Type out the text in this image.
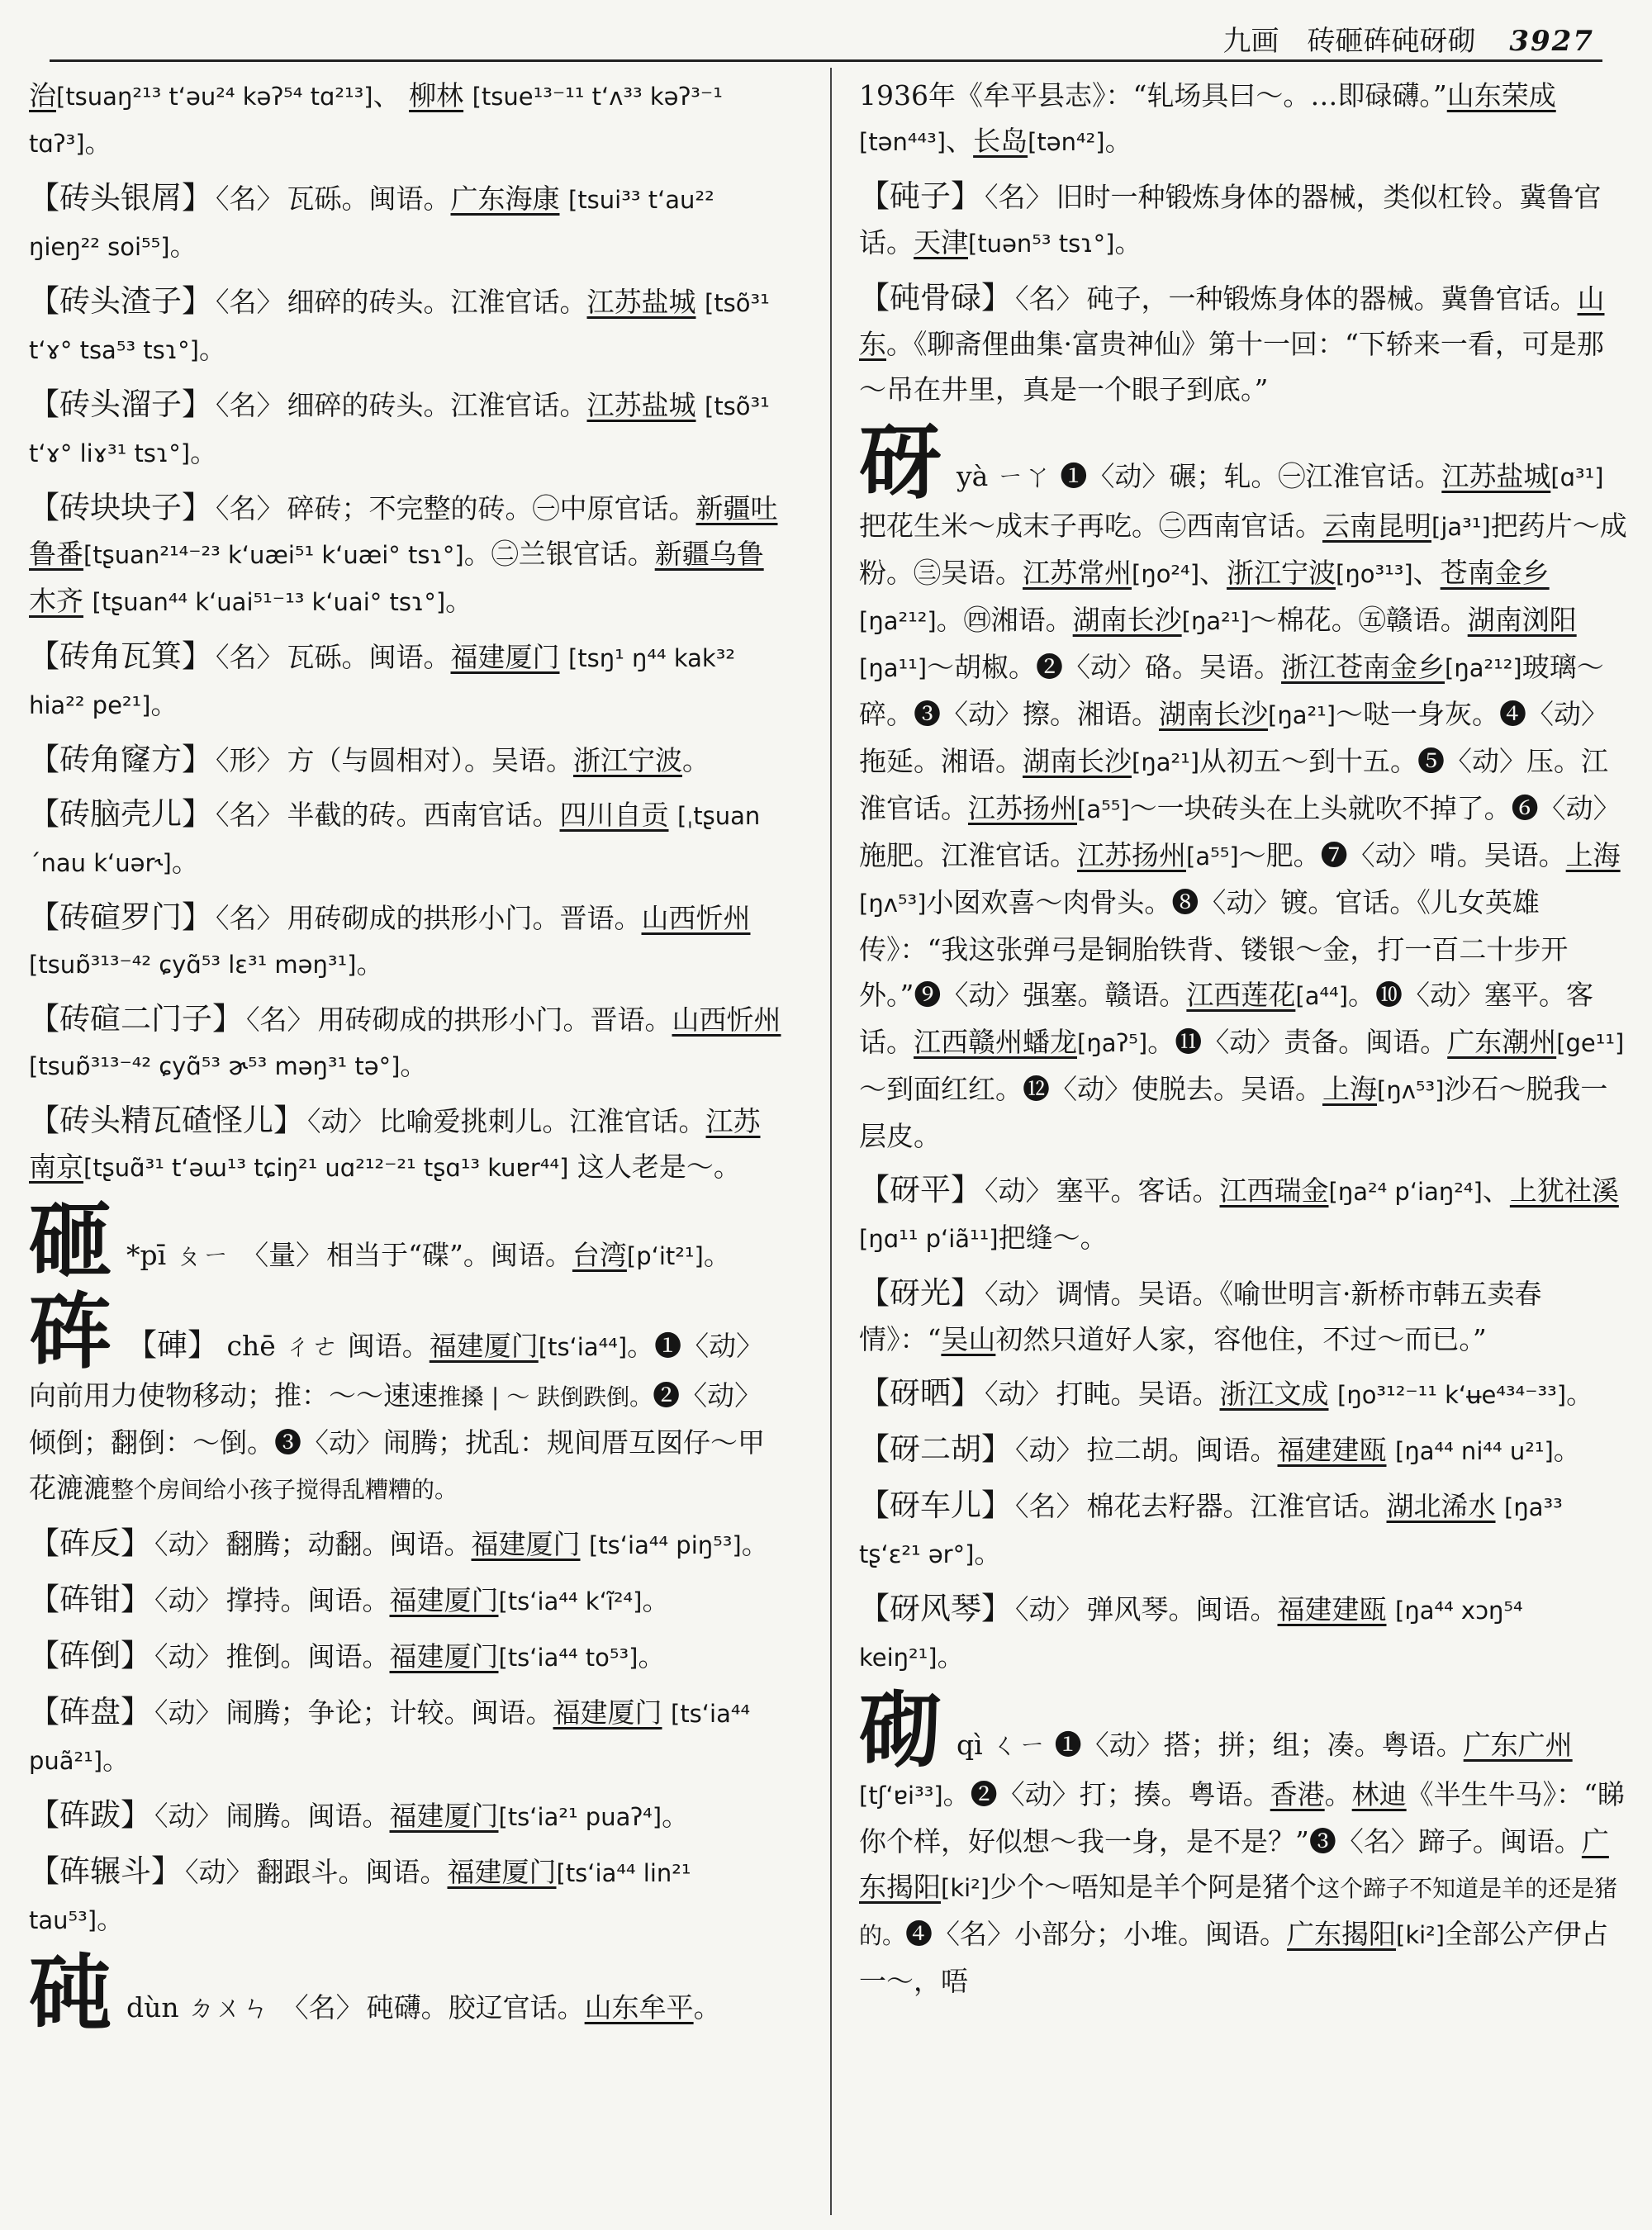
九画　砖砸砗砘砑砌 3927
治[tsuaŋ²¹³ t‘əu²⁴ kəʔ⁵⁴ tɑ²¹³]、 柳林 [tsue¹³⁻¹¹ t‘ʌ³³ kəʔ³⁻¹ tɑʔ³]。
【砖头银屑】 〈名〉 瓦砾。闽语。广东海康 [tsui³³ t‘au²² ŋieŋ²² soi⁵⁵]。
【砖头渣子】 〈名〉 细碎的砖头。江淮官话。江苏盐城 [tsõ³¹ t‘ɤ° tsa⁵³ tsɿ°]。
【砖头溜子】 〈名〉 细碎的砖头。江淮官话。江苏盐城 [tsõ³¹ t‘ɤ° liɤ³¹ tsɿ°]。
【砖块块子】 〈名〉 碎砖；不完整的砖。㊀中原官话。新疆吐鲁番[tʂuan²¹⁴⁻²³ k‘uæi⁵¹ k‘uæi° tsɿ°]。㊁兰银官话。新疆乌鲁木齐 [tʂuan⁴⁴ k‘uai⁵¹⁻¹³ k‘uai° tsɿ°]。
【砖角瓦箕】 〈名〉 瓦砾。闽语。福建厦门 [tsŋ¹ ŋ⁴⁴ kak³² hia²² pe²¹]。
【砖角窿方】 〈形〉 方（与圆相对）。吴语。浙江宁波。
【砖脑壳儿】 〈名〉 半截的砖。西南官话。四川自贡 [ˌtʂuan ˊnau k‘uər˞]。
【砖碹罗门】 〈名〉 用砖砌成的拱形小门。晋语。山西忻州[tsuɒ̃³¹³⁻⁴² ɕyɑ̃⁵³ lɛ³¹ məŋ³¹]。
【砖碹二门子】 〈名〉 用砖砌成的拱形小门。晋语。山西忻州[tsuɒ̃³¹³⁻⁴² ɕyɑ̃⁵³ ɚ⁵³ məŋ³¹ tə°]。
【砖头精瓦碴怪儿】 〈动〉 比喻爱挑刺儿。江淮官话。江苏南京[tʂuɑ̃³¹ t‘əɯ¹³ tɕiŋ²¹ uɑ²¹²⁻²¹ tʂɑ¹³ kuɐr⁴⁴] 这人老是～。
砸 *pī ㄆㄧ 〈量〉 相当于“碟”。闽语。台湾[p‘it²¹]。
砗 【硨】 chē ㄔㄜ 闽语。福建厦门[ts‘ia⁴⁴]。❶〈动〉向前用力使物移动；推：～～速速推搡 | ～ 趺倒跌倒。❷〈动〉倾倒；翻倒：～倒。❸〈动〉闹腾；扰乱：规间厝互囡仔～甲花漉漉整个房间给小孩子搅得乱糟糟的。
【砗反】 〈动〉 翻腾；动翻。闽语。福建厦门 [ts‘ia⁴⁴ piŋ⁵³]。
【砗钳】 〈动〉 撑持。闽语。福建厦门[ts‘ia⁴⁴ k‘ĩ²⁴]。
【砗倒】 〈动〉 推倒。闽语。福建厦门[ts‘ia⁴⁴ to⁵³]。
【砗盘】 〈动〉 闹腾；争论；计较。闽语。福建厦门 [ts‘ia⁴⁴ puã²¹]。
【砗跋】 〈动〉 闹腾。闽语。福建厦门[ts‘ia²¹ puaʔ⁴]。
【砗辗斗】 〈动〉 翻跟斗。闽语。福建厦门[ts‘ia⁴⁴ lin²¹ tau⁵³]。
砘dùn ㄉㄨㄣ 〈名〉 砘礴。胶辽官话。山东牟平。
1936年《牟平县志》：“轧场具曰～。…即碌礴。”山东荣成[tən⁴⁴³]、长岛[tən⁴²]。
【砘子】 〈名〉 旧时一种锻炼身体的器械，类似杠铃。冀鲁官话。天津[tuən⁵³ tsɿ°]。
【砘骨碌】 〈名〉 砘子，一种锻炼身体的器械。冀鲁官话。山东。《聊斋俚曲集·富贵神仙》第十一回：“下轿来一看，可是那～吊在井里，真是一个眼子到底。”
砑yà ㄧㄚ ❶〈动〉碾；轧。㊀江淮官话。江苏盐城[ɑ³¹]把花生米～成末子再吃。㊁西南官话。云南昆明[ja³¹]把药片～成粉。㊂吴语。江苏常州[ŋo²⁴]、浙江宁波[ŋo³¹³]、苍南金乡[ŋa²¹²]。㊃湘语。湖南长沙[ŋa²¹]～棉花。㊄赣语。湖南浏阳[ŋa¹¹]～胡椒。❷〈动〉硌。吴语。浙江苍南金乡[ŋa²¹²]玻璃～碎。❸〈动〉擦。湘语。湖南长沙[ŋa²¹]～哒一身灰。❹〈动〉拖延。湘语。湖南长沙[ŋa²¹]从初五～到十五。❺〈动〉压。江淮官话。江苏扬州[a⁵⁵]～一块砖头在上头就吹不掉了。❻〈动〉施肥。江淮官话。江苏扬州[a⁵⁵]～肥。❼〈动〉啃。吴语。上海[ŋʌ⁵³]小囡欢喜～肉骨头。❽〈动〉镀。官话。《儿女英雄传》：“我这张弹弓是铜胎铁背、镂银～金，打一百二十步开外。”❾〈动〉强塞。赣语。江西莲花[a⁴⁴]。❿〈动〉塞平。客话。江西赣州蟠龙[ŋaʔ⁵]。⓫〈动〉责备。闽语。广东潮州[ge¹¹]～到面红红。⓬〈动〉使脱去。吴语。上海[ŋʌ⁵³]沙石～脱我一层皮。
【砑平】 〈动〉 塞平。客话。江西瑞金[ŋa²⁴ p‘iaŋ²⁴]、上犹社溪[ŋɑ¹¹ p‘iã¹¹]把缝～。
【砑光】 〈动〉 调情。吴语。《喻世明言·新桥市韩五卖春情》：“吴山初然只道好人家，容他住，不过～而已。”
【砑晒】 〈动〉 打盹。吴语。浙江文成 [ŋo³¹²⁻¹¹ k‘ʉe⁴³⁴⁻³³]。
【砑二胡】 〈动〉 拉二胡。闽语。福建建瓯 [ŋa⁴⁴ ni⁴⁴ u²¹]。
【砑车儿】 〈名〉 棉花去籽器。江淮官话。湖北浠水 [ŋa³³ tʂ‘ɛ²¹ ər°]。
【砑风琴】 〈动〉 弹风琴。闽语。福建建瓯 [ŋa⁴⁴ xɔŋ⁵⁴ keiŋ²¹]。
砌qì ㄑㄧ ❶〈动〉搭；拼；组；凑。粤语。广东广州[tʃ‘ɐi³³]。❷〈动〉打；揍。粤语。香港。林迪《半生牛马》：“睇你个样，好似想～我一身，是不是？”❸〈名〉蹄子。闽语。广东揭阳[ki²]少个～唔知是羊个阿是猪个这个蹄子不知道是羊的还是猪的。❹〈名〉小部分；小堆。闽语。广东揭阳[ki²]全部公产伊占一～，唔
